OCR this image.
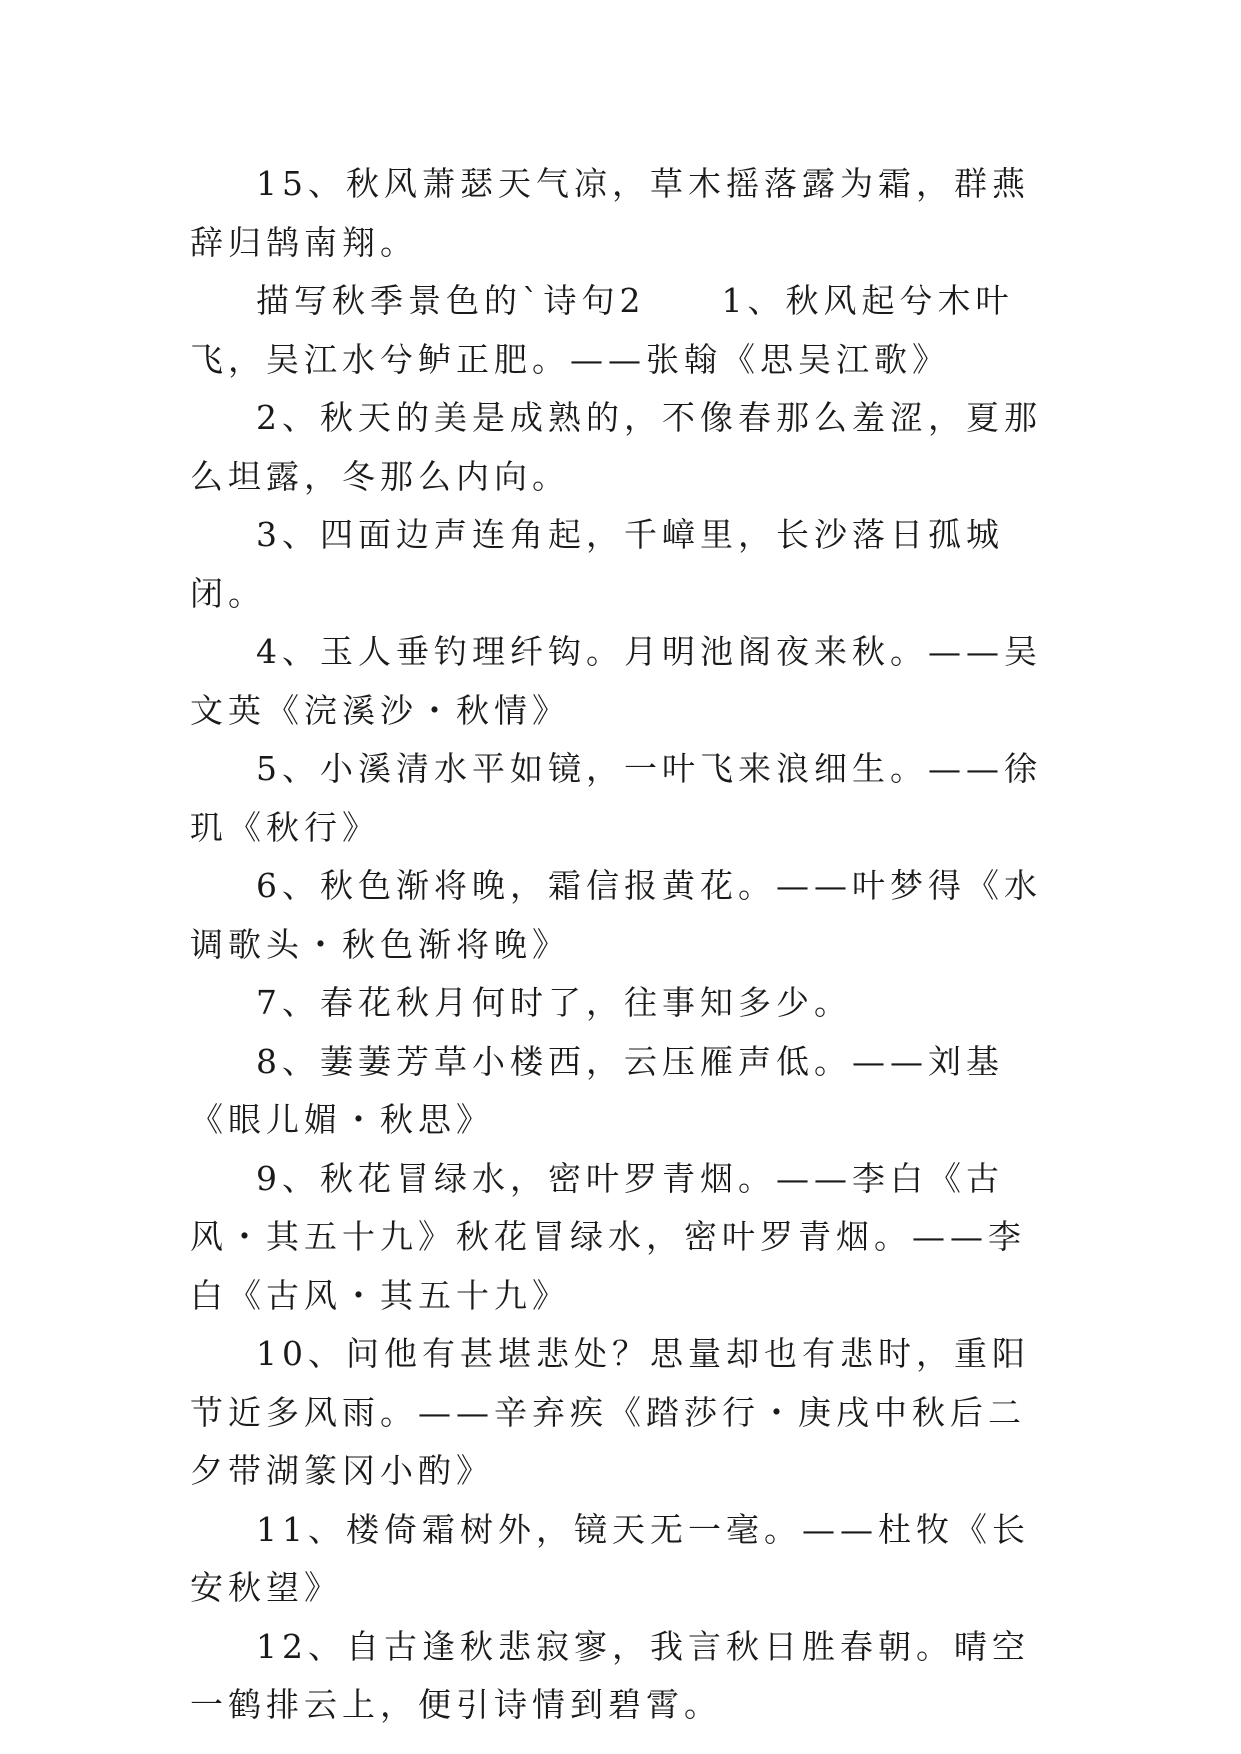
15、秋风萧瑟天气凉，草木摇落露为霜，群燕辞归鹄南翔。

描写秋季景色的`诗句2　　1、秋风起兮木叶飞，吴江水兮鲈正肥。——张翰《思吴江歌》

2、秋天的美是成熟的，不像春那么羞涩，夏那么坦露，冬那么内向。

3、四面边声连角起，千嶂里，长沙落日孤城闭。

4、玉人垂钓理纤钩。月明池阁夜来秋。——吴文英《浣溪沙・秋情》

5、小溪清水平如镜，一叶飞来浪细生。——徐玑《秋行》

6、秋色渐将晚，霜信报黄花。——叶梦得《水调歌头・秋色渐将晚》

7、春花秋月何时了，往事知多少。

8、萋萋芳草小楼西，云压雁声低。——刘基《眼儿媚・秋思》

9、秋花冒绿水，密叶罗青烟。——李白《古风・其五十九》秋花冒绿水，密叶罗青烟。——李白《古风・其五十九》

10、问他有甚堪悲处？思量却也有悲时，重阳节近多风雨。——辛弃疾《踏莎行・庚戌中秋后二夕带湖篆冈小酌》

11、楼倚霜树外，镜天无一毫。——杜牧《长安秋望》

12、自古逢秋悲寂寥，我言秋日胜春朝。晴空一鹤排云上，便引诗情到碧霄。
